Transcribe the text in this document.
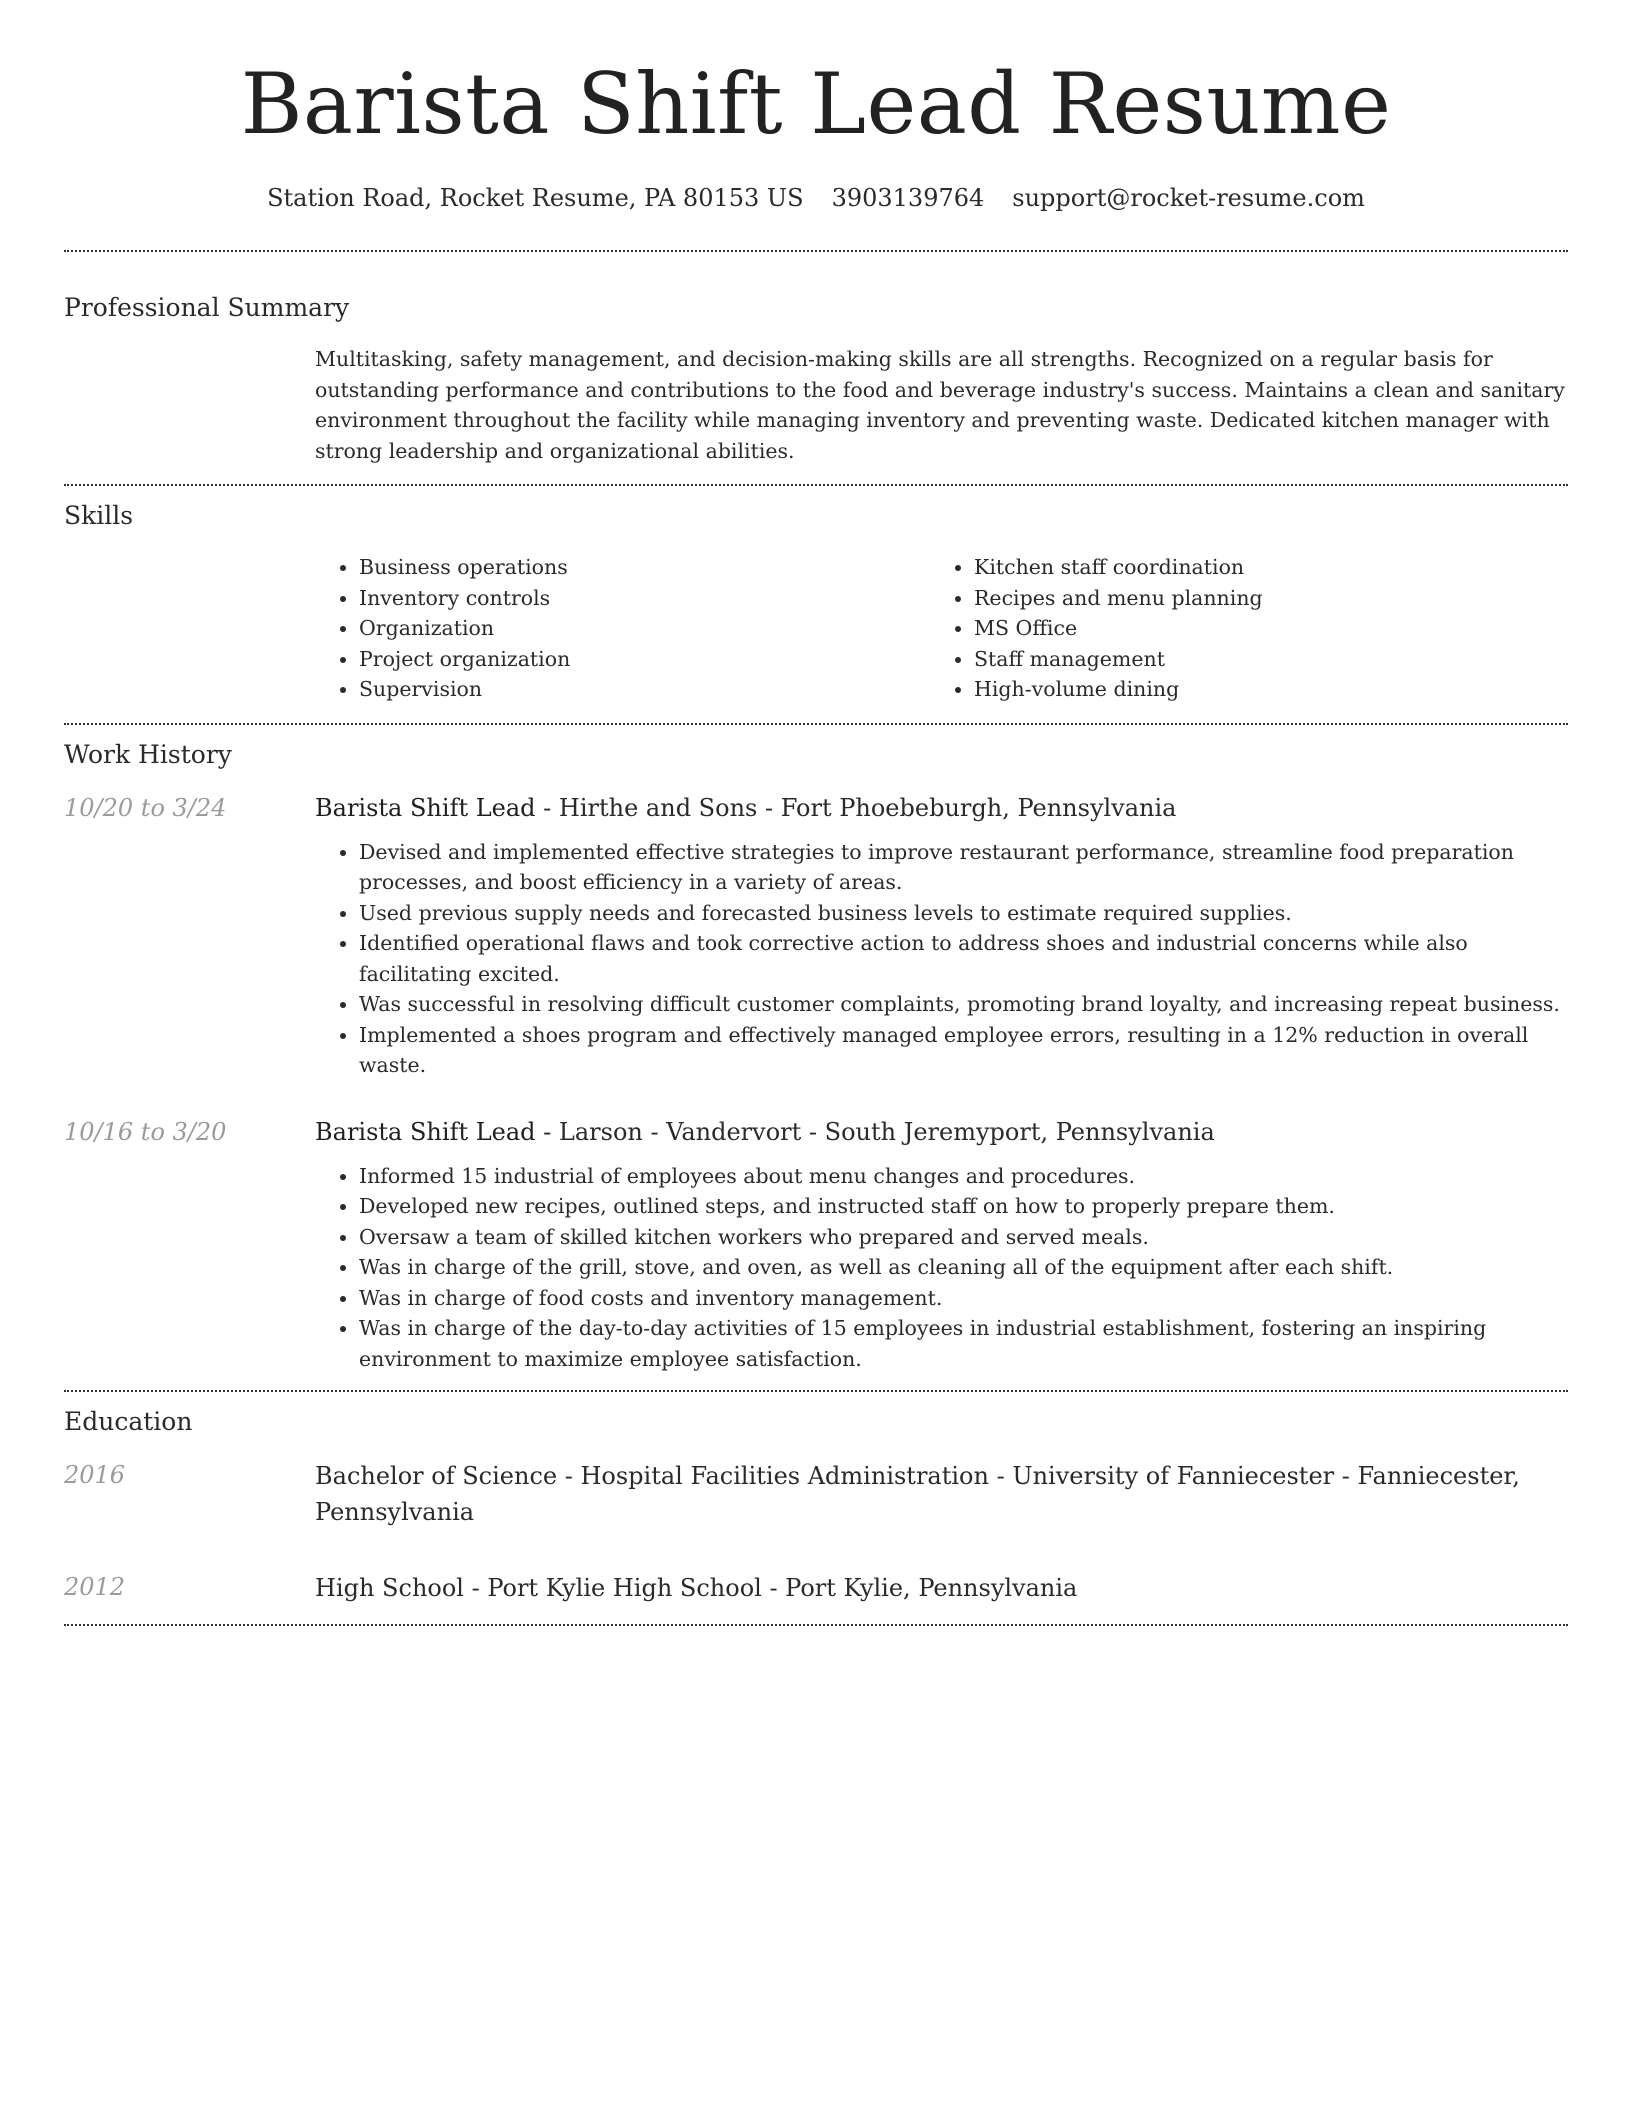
Barista Shift Lead Resume
Station Road, Rocket Resume, PA 80153 US 3903139764 support@rocket-resume.com
Professional Summary
Multitasking, safety management, and decision-making skills are all strengths. Recognized on a regular basis for outstanding performance and contributions to the food and beverage industry's success. Maintains a clean and sanitary environment throughout the facility while managing inventory and preventing waste. Dedicated kitchen manager with strong leadership and organizational abilities.
Skills
• Business operations
• Inventory controls
• Organization
• Project organization
• Supervision
• Kitchen staff coordination
• Recipes and menu planning
• MS Office
• Staff management
• High-volume dining
Work History
10/20 to 3/24	Barista Shift Lead - Hirthe and Sons - Fort Phoebeburgh, Pennsylvania
• Devised and implemented effective strategies to improve restaurant performance, streamline food preparation processes, and boost efficiency in a variety of areas.
• Used previous supply needs and forecasted business levels to estimate required supplies.
• Identified operational flaws and took corrective action to address shoes and industrial concerns while also facilitating excited.
• Was successful in resolving difficult customer complaints, promoting brand loyalty, and increasing repeat business.
• Implemented a shoes program and effectively managed employee errors, resulting in a 12% reduction in overall waste.
10/16 to 3/20	Barista Shift Lead - Larson - Vandervort - South Jeremyport, Pennsylvania
• Informed 15 industrial of employees about menu changes and procedures.
• Developed new recipes, outlined steps, and instructed staff on how to properly prepare them.
• Oversaw a team of skilled kitchen workers who prepared and served meals.
• Was in charge of the grill, stove, and oven, as well as cleaning all of the equipment after each shift.
• Was in charge of food costs and inventory management.
• Was in charge of the day-to-day activities of 15 employees in industrial establishment, fostering an inspiring environment to maximize employee satisfaction.
Education
2016	Bachelor of Science - Hospital Facilities Administration - University of Fanniecester - Fanniecester, Pennsylvania
2012	High School - Port Kylie High School - Port Kylie, Pennsylvania
